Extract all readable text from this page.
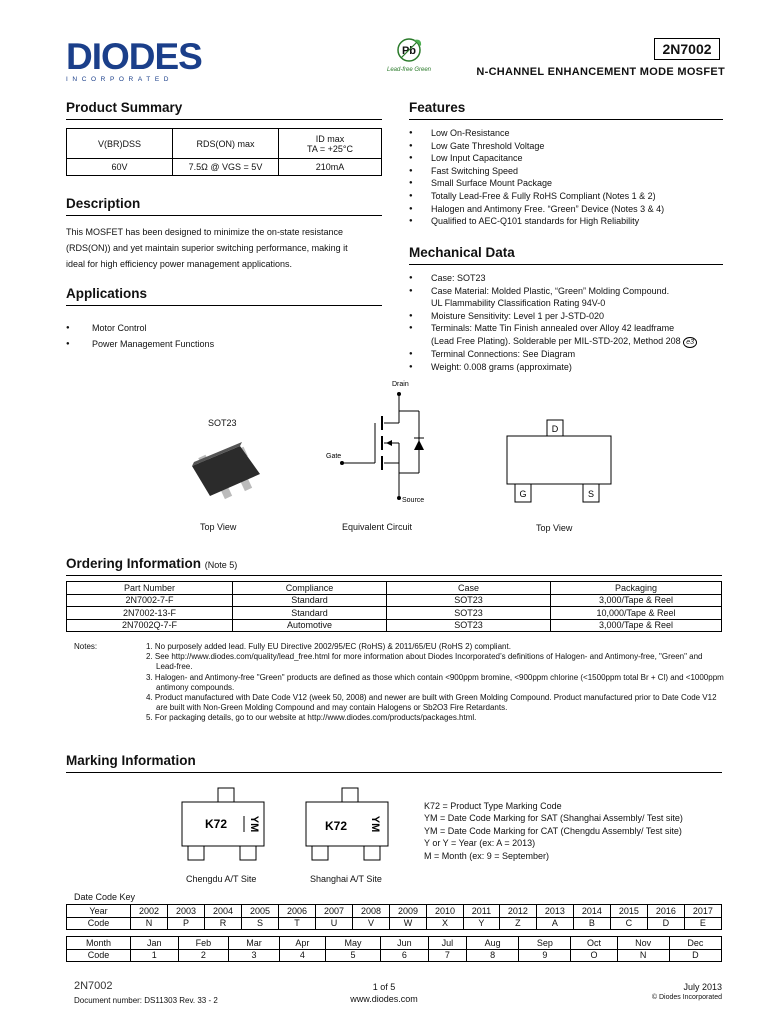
DIODES
INCORPORATED
Pb
Lead-free Green
2N7002
N-CHANNEL ENHANCEMENT MODE MOSFET
Product Summary
V(BR)DSS	RDS(ON) max	ID max
TA = +25°C

60V	7.5Ω @ VGS = 5V	210mA
Description
This MOSFET has been designed to minimize the on-state resistance
(RDS(ON)) and yet maintain superior switching performance, making it
ideal for high efficiency power management applications.
Applications
● Motor Control
● Power Management Functions
Features
● Low On-Resistance
● Low Gate Threshold Voltage
● Low Input Capacitance
● Fast Switching Speed
● Small Surface Mount Package
● Totally Lead-Free & Fully RoHS Compliant (Notes 1 & 2)
● Halogen and Antimony Free. “Green” Device (Notes 3 & 4)
● Qualified to AEC-Q101 standards for High Reliability
Mechanical Data
● Case: SOT23
● Case Material: Molded Plastic, “Green” Molding Compound.
UL Flammability Classification Rating 94V-0
● Moisture Sensitivity: Level 1 per J-STD-020
● Terminals: Matte Tin Finish annealed over Alloy 42 leadframe
(Lead Free Plating). Solderable per MIL-STD-202, Method 208 e3
● Terminal Connections: See Diagram
● Weight: 0.008 grams (approximate)
SOT23
Top View
Drain
Gate
Source
Equivalent Circuit
D
G	S
Top View
Ordering Information (Note 5)
Part Number	Compliance	Case	Packaging
2N7002-7-F	Standard	SOT23	3,000/Tape & Reel
2N7002-13-F	Standard	SOT23	10,000/Tape & Reel
2N7002Q-7-F	Automotive	SOT23	3,000/Tape & Reel
Notes:	1. No purposely added lead. Fully EU Directive 2002/95/EC (RoHS) & 2011/65/EU (RoHS 2) compliant.
2. See http://www.diodes.com/quality/lead_free.html for more information about Diodes Incorporated’s definitions of Halogen- and Antimony-free, "Green" and Lead-free.
3. Halogen- and Antimony-free "Green" products are defined as those which contain <900ppm bromine, <900ppm chlorine (<1500ppm total Br + Cl) and <1000ppm antimony compounds.
4. Product manufactured with Date Code V12 (week 50, 2008) and newer are built with Green Molding Compound. Product manufactured prior to Date Code V12 are built with Non-Green Molding Compound and may contain Halogens or Sb2O3 Fire Retardants.
5. For packaging details, go to our website at http://www.diodes.com/products/packages.html.
Marking Information
K72 YM
Chengdu A/T Site
K72 YM
Shanghai A/T Site
K72 = Product Type Marking Code
YM = Date Code Marking for SAT (Shanghai Assembly/ Test site)
YM = Date Code Marking for CAT (Chengdu Assembly/ Test site)
Y or Y = Year (ex: A = 2013)
M = Month (ex: 9 = September)
Date Code Key
Year	2002	2003	2004	2005	2006	2007	2008	2009	2010	2011	2012	2013	2014	2015	2016	2017
Code	N	P	R	S	T	U	V	W	X	Y	Z	A	B	C	D	E
Month	Jan	Feb	Mar	Apr	May	Jun	Jul	Aug	Sep	Oct	Nov	Dec
Code	1	2	3	4	5	6	7	8	9	O	N	D
2N7002
Document number: DS11303 Rev. 33 - 2
1 of 5
www.diodes.com
July 2013
© Diodes Incorporated
